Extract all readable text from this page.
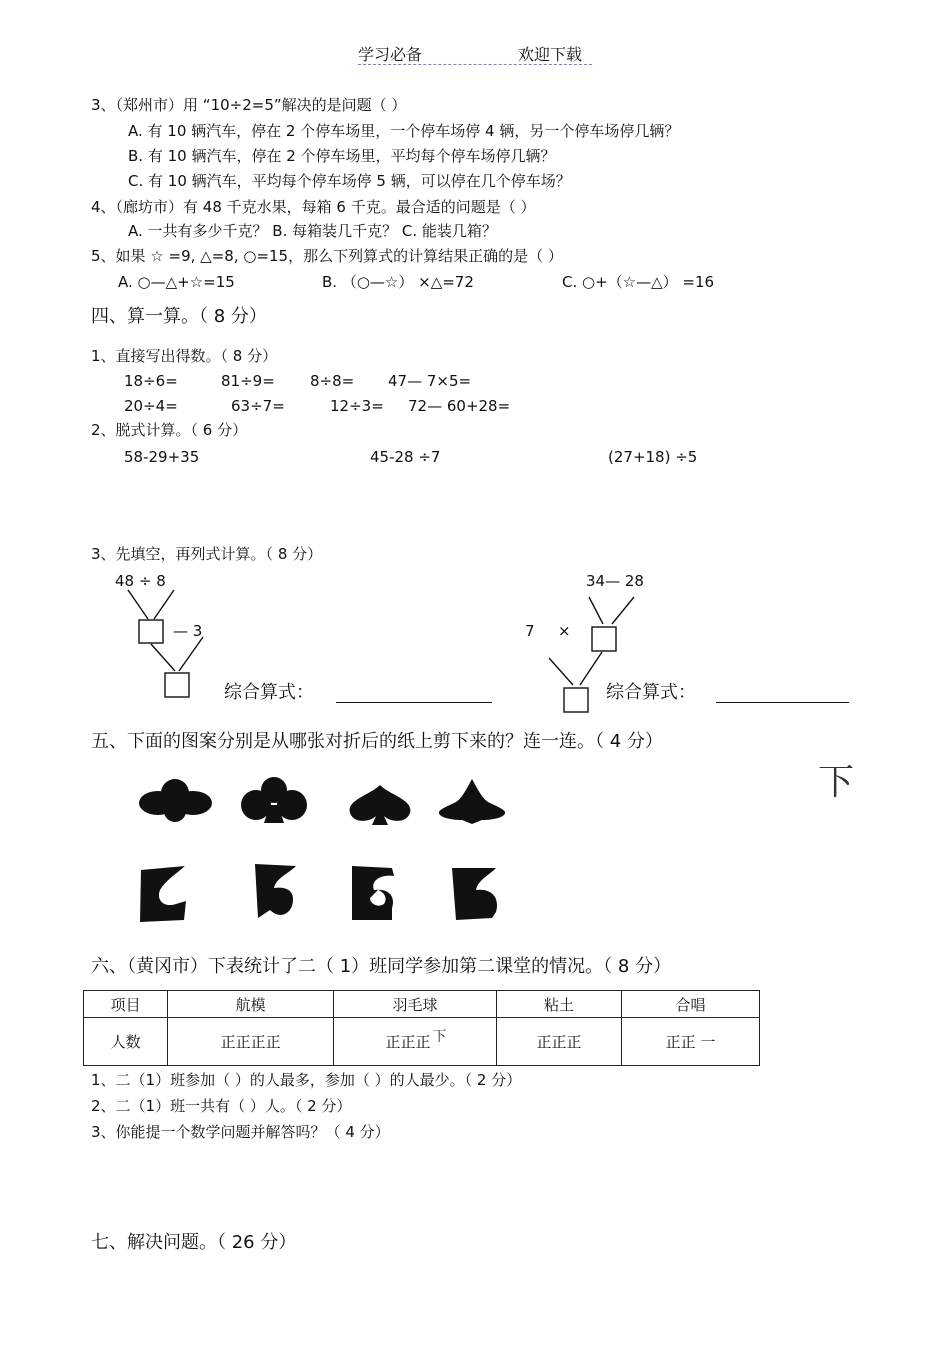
学习必备	欢迎下载
3、（郑州市）用 “10÷2=5”解决的是问题（ ）
A. 有 10 辆汽车，停在 2 个停车场里，一个停车场停 4 辆，另一个停车场停几辆？
B. 有 10 辆汽车，停在 2 个停车场里，平均每个停车场停几辆？
C. 有 10 辆汽车，平均每个停车场停 5 辆，可以停在几个停车场？
4、（廊坊市）有 48 千克水果，每箱 6 千克。最合适的问题是（ ）
A. 一共有多少千克？ B. 每箱装几千克？ C. 能装几箱？
5、如果 ☆ =9, △=8, ○=15，那么下列算式的计算结果正确的是（ ）
A. ○—△+☆=15	B. （○—☆） ×△=72	C. ○+（☆—△） =16
四、算一算。（ 8 分）
1、直接写出得数。（ 8 分）
18÷6=	81÷9= 8÷8= 47— 7×5=
20÷4=	63÷7=	12÷3= 72— 60+28=
2、脱式计算。（ 6 分）
58-29+35	45-28 ÷7	(27+18) ÷5
3、先填空，再列式计算。（ 8 分）
48 ÷ 8
— 3
综合算式：
34— 28
7 ×
综合算式：
五、下面的图案分别是从哪张对折后的纸上剪下来的？连一连。（ 4 分）
下
六、（黄冈市）下表统计了二（ 1）班同学参加第二课堂的情况。（ 8 分）
项目	航模	羽毛球	粘土	合唱
人数	正正正正	正正正 下	正正正	正正 一
1、二（1）班参加（ ）的人最多，参加（ ）的人最少。（ 2 分）
2、二（1）班一共有（ ）人。（ 2 分）
3、你能提一个数学问题并解答吗？（ 4 分）
七、解决问题。（ 26 分）
